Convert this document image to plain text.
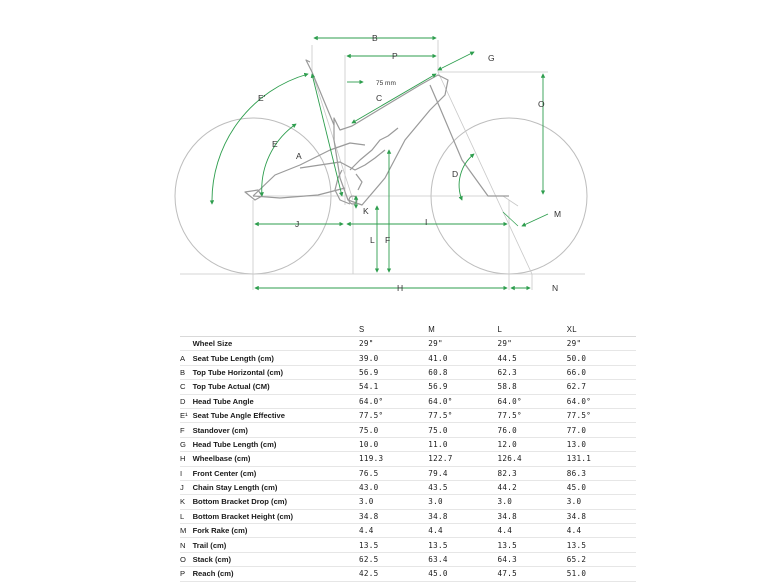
B
P	G
75 mm
E'	C
O
E
A
D
K	M
J	I
L F
H	N
		S	M	L	XL
	Wheel Size	29"	29"	29"	29"
A	Seat Tube Length (cm)	39.0	41.0	44.5	50.0
B	Top Tube Horizontal (cm)	56.9	60.8	62.3	66.0
C	Top Tube Actual (CM)	54.1	56.9	58.8	62.7
D	Head Tube Angle	64.0°	64.0°	64.0°	64.0°
E¹	Seat Tube Angle Effective	77.5°	77.5°	77.5°	77.5°
F	Standover (cm)	75.0	75.0	76.0	77.0
G	Head Tube Length (cm)	10.0	11.0	12.0	13.0
H	Wheelbase (cm)	119.3	122.7	126.4	131.1
I	Front Center (cm)	76.5	79.4	82.3	86.3
J	Chain Stay Length (cm)	43.0	43.5	44.2	45.0
K	Bottom Bracket Drop (cm)	3.0	3.0	3.0	3.0
L	Bottom Bracket Height (cm)	34.8	34.8	34.8	34.8
M	Fork Rake (cm)	4.4	4.4	4.4	4.4
N	Trail (cm)	13.5	13.5	13.5	13.5
O	Stack (cm)	62.5	63.4	64.3	65.2
P	Reach (cm)	42.5	45.0	47.5	51.0
